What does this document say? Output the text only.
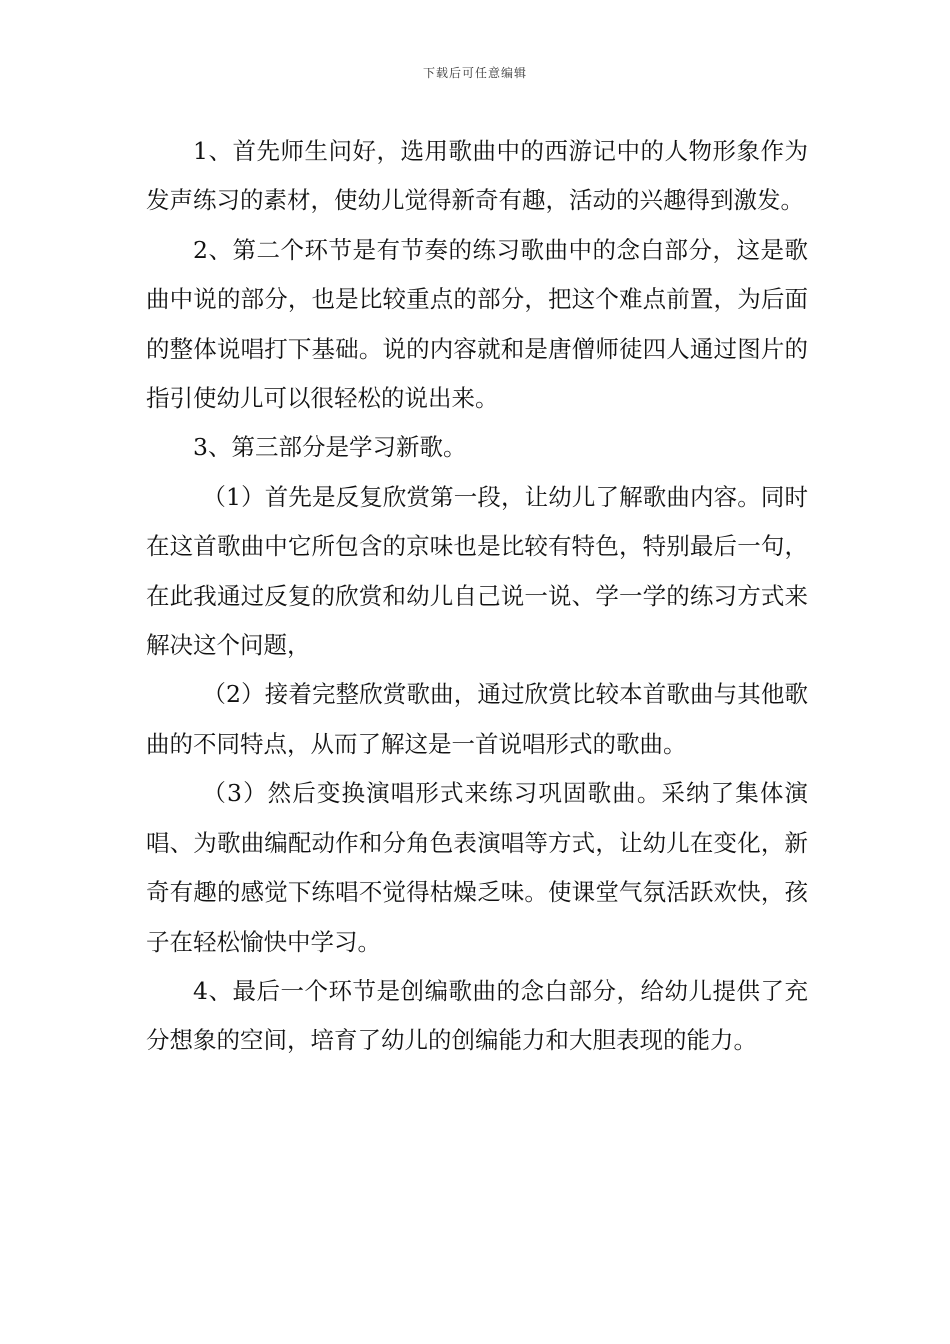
下载后可任意编辑

1、首先师生问好，选用歌曲中的西游记中的人物形象作为发声练习的素材，使幼儿觉得新奇有趣，活动的兴趣得到激发。

2、第二个环节是有节奏的练习歌曲中的念白部分，这是歌曲中说的部分，也是比较重点的部分，把这个难点前置，为后面的整体说唱打下基础。说的内容就和是唐僧师徒四人通过图片的指引使幼儿可以很轻松的说出来。

3、第三部分是学习新歌。

（1）首先是反复欣赏第一段，让幼儿了解歌曲内容。同时在这首歌曲中它所包含的京味也是比较有特色，特别最后一句，在此我通过反复的欣赏和幼儿自己说一说、学一学的练习方式来解决这个问题，

（2）接着完整欣赏歌曲，通过欣赏比较本首歌曲与其他歌曲的不同特点，从而了解这是一首说唱形式的歌曲。

（3）然后变换演唱形式来练习巩固歌曲。采纳了集体演唱、为歌曲编配动作和分角色表演唱等方式，让幼儿在变化，新奇有趣的感觉下练唱不觉得枯燥乏味。使课堂气氛活跃欢快，孩子在轻松愉快中学习。

4、最后一个环节是创编歌曲的念白部分，给幼儿提供了充分想象的空间，培育了幼儿的创编能力和大胆表现的能力。
